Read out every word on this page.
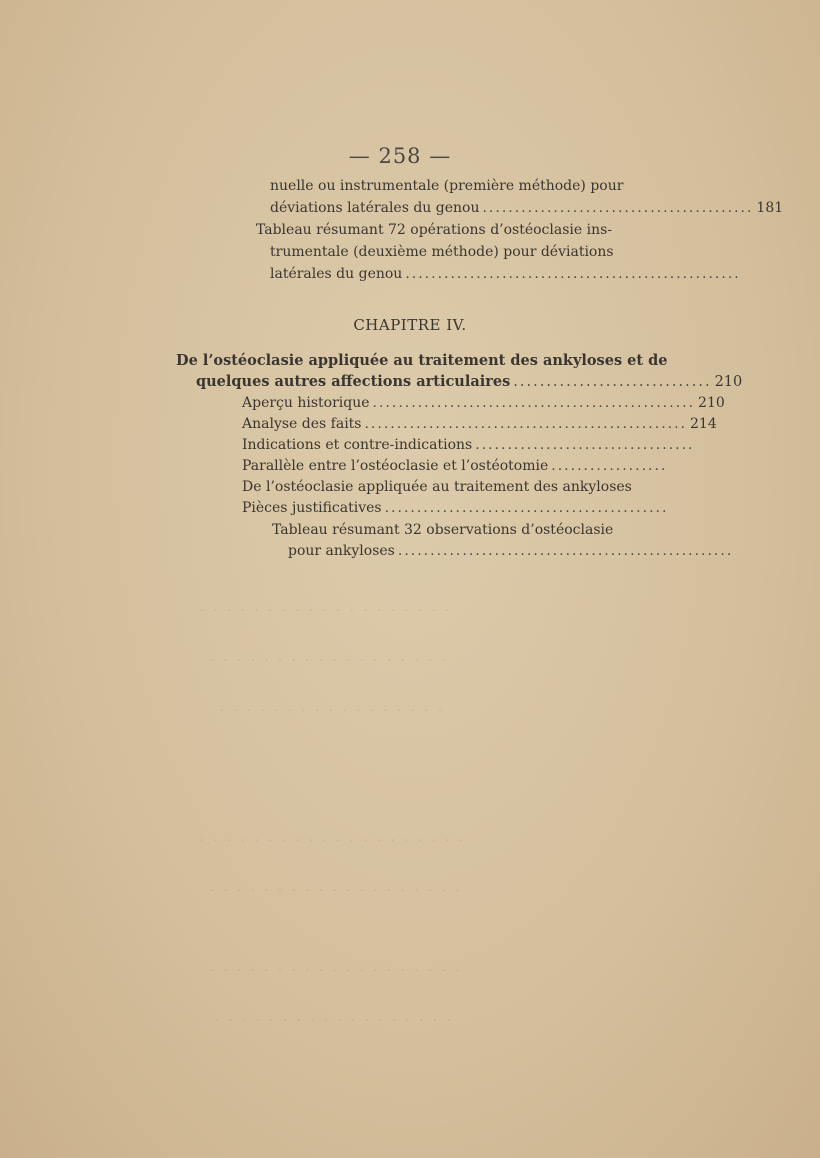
— 258 —
nuelle ou instrumentale (première méthode) pour
déviations latérales du genou .......................................... 181
Tableau résumant 72 opérations d’ostéoclasie ins-
trumentale (deuxième méthode) pour déviations
latérales du genou ....................................................
CHAPITRE IV.
De l’ostéoclasie appliquée au traitement des ankyloses et de
quelques autres affections articulaires .............................. 210
Aperçu historique .................................................. 210
Analyse des faits .................................................. 214
Indications et contre-indications ..................................
Parallèle entre l’ostéoclasie et l’ostéotomie ..................
De l’ostéoclasie appliquée au traitement des ankyloses
Pièces justificatives ............................................
Tableau résumant 32 observations d’ostéoclasie
pour ankyloses ....................................................
. . . . . . . . . . . . . . . . . . .
. . . . . . . . . . . . . . . . . .
. . . . . . . . . . . . . . . . .
. . . . . . . . . . . . . . . . . . . .
. . . . . . . . . . . . . . . . . . .
. . . . . . . . . . . . . . . . . . .
. . . . . . . . . . . . . . . . . .
